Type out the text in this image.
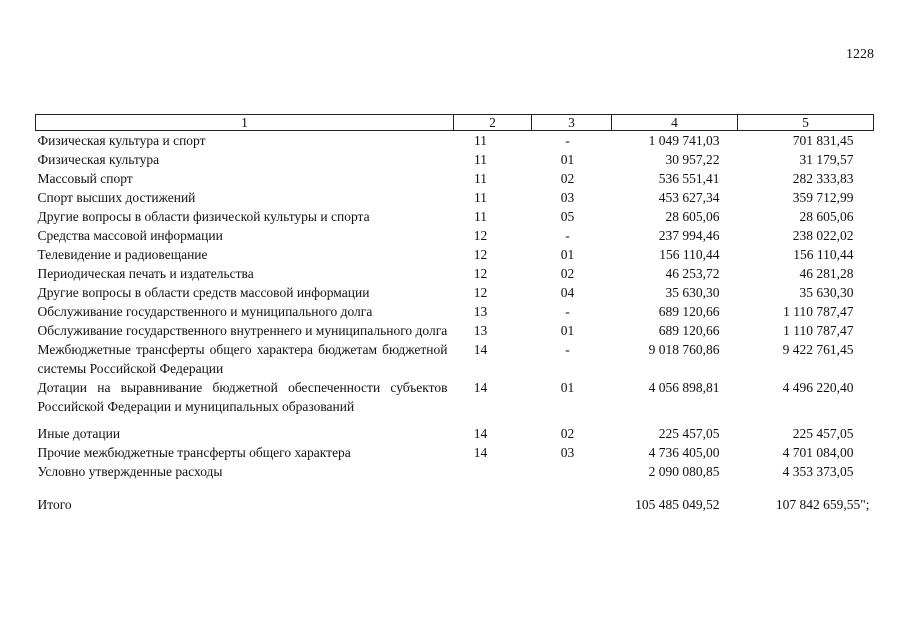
1228
1	2	3	4	5
Физическая культура и спорт	11	-	1 049 741,03	701 831,45
Физическая культура	11	01	30 957,22	31 179,57
Массовый спорт	11	02	536 551,41	282 333,83
Спорт высших достижений	11	03	453 627,34	359 712,99
Другие вопросы в области физической культуры и спорта	11	05	28 605,06	28 605,06
Средства массовой информации	12	-	237 994,46	238 022,02
Телевидение и радиовещание	12	01	156 110,44	156 110,44
Периодическая печать и издательства	12	02	46 253,72	46 281,28
Другие вопросы в области средств массовой информации	12	04	35 630,30	35 630,30
Обслуживание государственного и муниципального долга	13	-	689 120,66	1 110 787,47
Обслуживание государственного внутреннего и муниципального долга	13	01	689 120,66	1 110 787,47
Межбюджетные трансферты общего характера бюджетам бюджетной системы Российской Федерации	14	-	9 018 760,86	9 422 761,45
Дотации на выравнивание бюджетной обеспеченности субъектов Российской Федерации и муниципальных образований	14	01	4 056 898,81	4 496 220,40

Иные дотации	14	02	225 457,05	225 457,05
Прочие межбюджетные трансферты общего характера	14	03	4 736 405,00	4 701 084,00
Условно утвержденные расходы			2 090 080,85	4 353 373,05

Итого			105 485 049,52	107 842 659,55";
